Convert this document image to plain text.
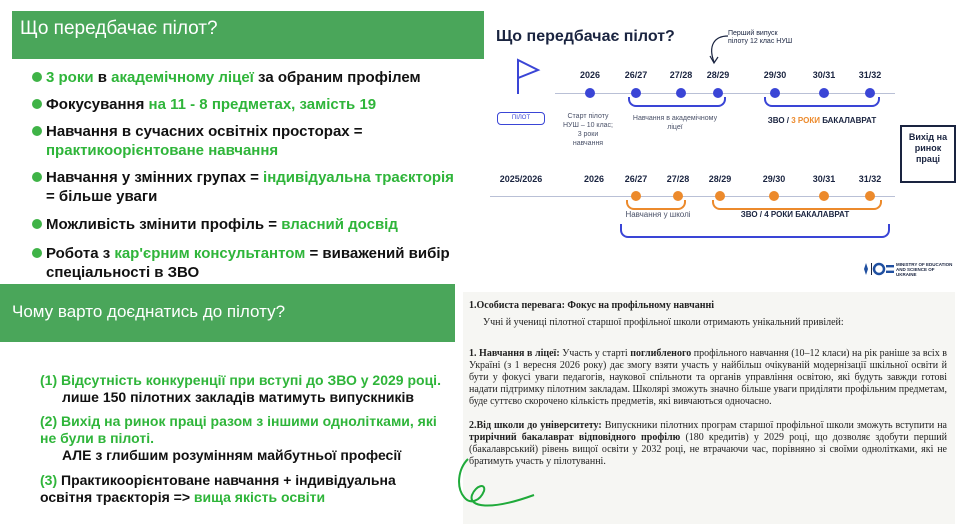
Що передбачає пілот?
3 роки в академічному ліцеї за обраним профілем
Фокусування на 11 - 8 предметах, замість 19
Навчання в сучасних освітніх просторах = практикоорієнтоване навчання
Навчання у змінних групах = індивідуальна траєкторія = більше уваги
Можливість змінити профіль = власний досвід
Робота з кар'єрним консультантом = виважений вибір спеціальності в ЗВО
Що передбачає пілот?
ПІЛОТ
Перший випуск пілоту 12 клас НУШ
2026	26/27	27/28	28/29	29/30	30/31	31/32
Старт пілоту НУШ – 10 клас; 3 роки навчання
Навчання в академічному ліцеї
ЗВО / 3 РОКИ БАКАЛАВРАТ
Вихід на ринок праці
2025/2026	2026	26/27	27/28	28/29	29/30	30/31	31/32
Навчання у школі	ЗВО / 4 РОКИ БАКАЛАВРАТ
MINISTRY OF EDUCATION AND SCIENCE OF UKRAINE
Чому варто доєднатись до пілоту?
(1) Відсутність конкуренції при вступі до ЗВО у 2029 році.
лише 150 пілотних закладів матимуть випускників
(2) Вихід на ринок праці разом з іншими однолітками, які не були в пілоті.
АЛЕ з глибшим розумінням майбутньої професії
(3) Практикоорієнтоване навчання + індивідуальна освітня траєкторія => вища якість освіти
1.Особиста перевага: Фокус на профільному навчанні
Учні й учениці пілотної старшої профільної школи отримають унікальний привілей:
1. Навчання в ліцеї: Участь у старті поглибленого профільного навчання (10–12 класи) на рік раніше за всіх в Україні (з 1 вересня 2026 року) дає змогу взяти участь у найбільш очікуваній модернізації шкільної освіти й бути у фокусі уваги педагогів, наукової спільноти та органів управління освітою, які будуть завжди готові надати підтримку пілотним закладам. Школярі зможуть значно більше уваги приділяти профільним предметам, буде суттєво скорочено кількість предметів, які вивчаються одночасно.
2.Від школи до університету: Випускники пілотних програм старшої профільної школи зможуть вступити на трирічний бакалаврат відповідного профілю (180 кредитів) у 2029 році, що дозволяє здобути перший (бакалаврський) рівень вищої освіти у 2032 році, не втрачаючи час, порівняно зі своїми однолітками, які не братимуть участь у пілотуванні.
